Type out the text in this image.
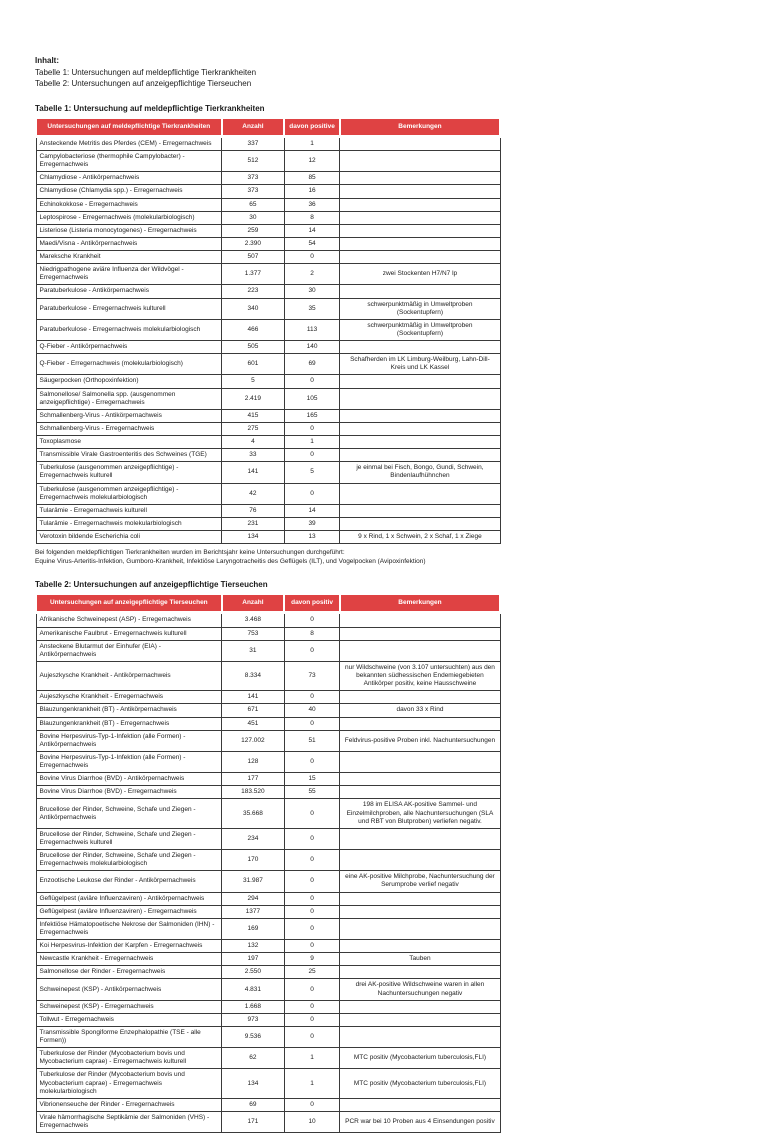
Inhalt:
Tabelle 1: Untersuchungen auf meldepflichtige Tierkrankheiten
Tabelle 2: Untersuchungen auf anzeigepflichtige Tierseuchen
Tabelle 1: Untersuchung auf meldepflichtige Tierkrankheiten
Untersuchungen auf meldepflichtige Tierkrankheiten	Anzahl	davon positive	Bemerkungen
Ansteckende Metritis des Pferdes (CEM) - Erregernachweis	337	1	
Campylobacteriose (thermophile Campylobacter) - Erregernachweis	512	12	
Chlamydiose - Antikörpernachweis	373	85	
Chlamydiose (Chlamydia spp.) - Erregernachweis	373	16	
Echinokokkose - Erregernachweis	65	36	
Leptospirose - Erregernachweis (molekularbiologisch)	30	8	
Listeriose (Listeria monocytogenes) - Erregernachweis	259	14	
Maedi/Visna - Antikörpernachweis	2.390	54	
Mareksche Krankheit	507	0	
Niedrigpathogene aviäre Influenza der Wildvögel - Erregernachweis	1.377	2	zwei Stockenten H7/N7 lp
Paratuberkulose - Antikörpernachweis	223	30	
Paratuberkulose - Erregernachweis kulturell	340	35	schwerpunktmäßig in Umweltproben (Sockentupfern)
Paratuberkulose - Erregernachweis molekularbiologisch	466	113	schwerpunktmäßig in Umweltproben (Sockentupfern)
Q-Fieber - Antikörpernachweis	505	140	
Q-Fieber - Erregernachweis (molekularbiologisch)	601	69	Schafherden im LK Limburg-Weilburg, Lahn-Dill-Kreis und LK Kassel
Säugerpocken (Orthopoxinfektion)	5	0	
Salmonellose/ Salmonella spp. (ausgenommen anzeigepflichtige) - Erregernachweis	2.419	105	
Schmallenberg-Virus - Antikörpernachweis	415	165	
Schmallenberg-Virus - Erregernachweis	275	0	
Toxoplasmose	4	1	
Transmissible Virale Gastroenteritis des Schweines (TGE)	33	0	
Tuberkulose (ausgenommen anzeigepflichtige) - Erregernachweis kulturell	141	5	je einmal bei Fisch, Bongo, Gundi, Schwein, Bindenlaufhühnchen
Tuberkulose (ausgenommen anzeigepflichtige) - Erregernachweis molekularbiologisch	42	0	
Tularämie - Erregernachweis kulturell	76	14	
Tularämie - Erregernachweis molekularbiologisch	231	39	
Verotoxin bildende Escherichia coli	134	13	9 x Rind, 1 x Schwein, 2 x Schaf, 1 x Ziege
Bei folgenden meldepflichtigen Tierkrankheiten wurden im Berichtsjahr keine Untersuchungen durchgeführt:
Equine Virus-Arteritis-Infektion, Gumboro-Krankheit, Infektiöse Laryngotracheitis des Geflügels (ILT), und Vogelpocken (Avipoxinfektion)
Tabelle 2: Untersuchungen auf anzeigepflichtige Tierseuchen
Untersuchungen auf anzeigepflichtige Tierseuchen	Anzahl	davon positiv	Bemerkungen
Afrikanische Schweinepest (ASP) - Erregernachweis	3.468	0	
Amerikanische Faulbrut - Erregernachweis kulturell	753	8	
Ansteckene Blutarmut der Einhufer (EIA) - Antikörpernachweis	31	0	
Aujeszkysche Krankheit - Antikörpernachweis	8.334	73	nur Wildschweine (von 3.107 untersuchten) aus den bekannten südhessischen Endemiegebieten Antikörper positiv, keine Hausschweine
Aujeszkysche Krankheit - Erregernachweis	141	0	
Blauzungenkrankheit (BT) - Antikörpernachweis	671	40	davon 33 x Rind
Blauzungenkrankheit (BT) - Erregernachweis	451	0	
Bovine Herpesvirus-Typ-1-Infektion (alle Formen) - Antikörpernachweis	127.002	51	Feldvirus-positive Proben inkl. Nachuntersuchungen
Bovine Herpesvirus-Typ-1-Infektion (alle Formen) - Erregernachweis	128	0	
Bovine Virus Diarrhoe (BVD) - Antikörpernachweis	177	15	
Bovine Virus Diarrhoe (BVD) - Erregernachweis	183.520	55	
Brucellose der Rinder, Schweine, Schafe und Ziegen - Antikörpernachweis	35.668	0	198 im ELISA AK-positive Sammel- und Einzelmilchproben, alle Nachuntersuchungen (SLA und RBT von Blutproben) verliefen negativ.
Brucellose der Rinder, Schweine, Schafe und Ziegen - Erregernachweis kulturell	234	0	
Brucellose der Rinder, Schweine, Schafe und Ziegen - Erregernachweis molekularbiologisch	170	0	
Enzootische Leukose der Rinder - Antikörpernachweis	31.987	0	eine AK-positive Milchprobe, Nachuntersuchung der Serumprobe verlief negativ
Geflügelpest (aviäre Influenzaviren) - Antikörpernachweis	294	0	
Geflügelpest (aviäre Influenzaviren) - Erregernachweis	1377	0	
Infektiöse Hämatopoetische Nekrose der Salmoniden (IHN) - Erregernachweis	169	0	
Koi Herpesvirus-Infektion der Karpfen - Erregernachweis	132	0	
Newcastle Krankheit - Erregernachweis	197	9	Tauben
Salmonellose der Rinder - Erregernachweis	2.550	25	
Schweinepest (KSP) - Antikörpernachweis	4.831	0	drei AK-positive Wildschweine waren in allen Nachuntersuchungen negativ
Schweinepest (KSP) - Erregernachweis	1.668	0	
Tollwut - Erregernachweis	973	0	
Transmissible Spongiforme Enzephalopathie (TSE - alle Formen))	9.536	0	
Tuberkulose der Rinder (Mycobacterium bovis und Mycobacterium caprae) - Erregernachweis kulturell	62	1	MTC positiv (Mycobacterium tuberculosis,FLI)
Tuberkulose der Rinder (Mycobacterium bovis und Mycobacterium caprae) - Erregernachweis molekularbiologisch	134	1	MTC positiv (Mycobacterium tuberculosis,FLI)
Vibrionenseuche der Rinder - Erregernachweis	69	0	
Virale hämorrhagische Septikämie der Salmoniden (VHS) - Erregernachweis	171	10	PCR war bei 10 Proben aus 4 Einsendungen positiv
